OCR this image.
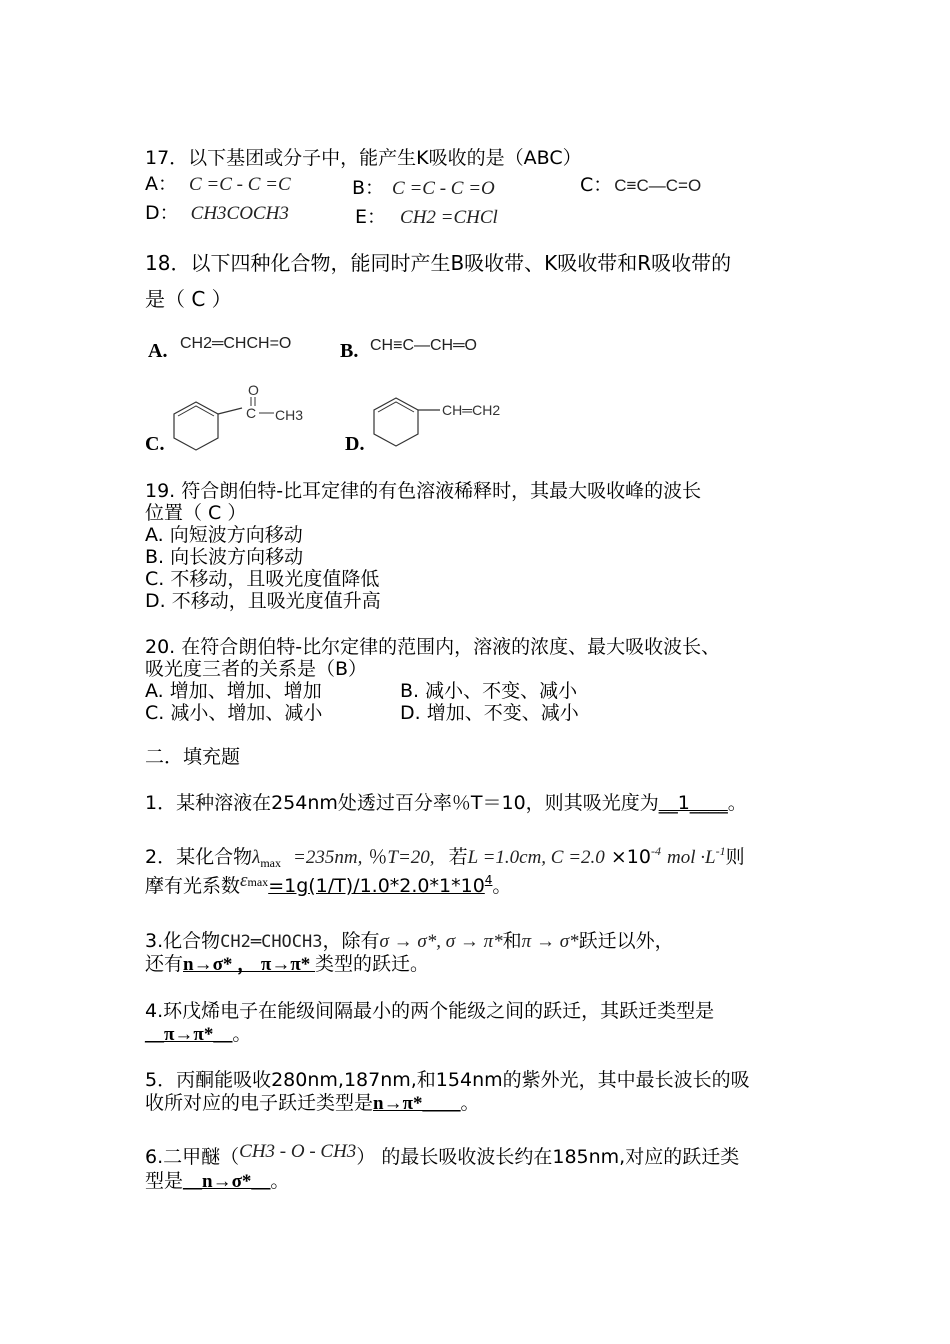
17．以下基团或分子中，能产生K吸收的是（ABC）
A： C =C - C =C	B： C =C - C =O	C： C≡C—C=O
D： CH3COCH3	E： CH2 =CHCl
18．以下四种化合物，能同时产生B吸收带、K吸收带和R吸收带的
是（ C ）
A. CH2═CHCH=O B. CH≡C—CH═O
C.
O
C CH3
D.
CH═CH2
19. 符合朗伯特-比耳定律的有色溶液稀释时，其最大吸收峰的波长
位置（ C ）
A. 向短波方向移动
B. 向长波方向移动
C. 不移动，且吸光度值降低
D. 不移动，且吸光度值升高
20. 在符合朗伯特-比尔定律的范围内，溶液的浓度、最大吸收波长、
吸光度三者的关系是（B）
A. 增加、增加、增加	B. 减小、不变、减小
C. 减小、增加、减小	D. 增加、不变、减小
二．填充题
1．某种溶液在254nm处透过百分率％T＝10，则其吸光度为__1____。
2．某化合物$\lambda_{max} =235nm$, ％T=20, 若L =1.0cm, $C =2.0 \times 10^{-4}$ mol $\cdot L^{-1}$则
摩有光系数$\varepsilon^{max}=1g(1/T)/1.0*2.0*1*10^4$。
3.化合物CH2═CHOCH3，除有σ → σ*, σ → π*和π → σ*跃迁以外，
还有n→σ* ， π→π* 类型的跃迁。
4.环戊烯电子在能级间隔最小的两个能级之间的跃迁，其跃迁类型是
__π→π*__。
5．丙酮能吸收280nm,187nm,和154nm的紫外光，其中最长波长的吸
收所对应的电子跃迁类型是n→π*____。
6.二甲醚（CH3 - O - CH3） 的最长吸收波长约在185nm,对应的跃迁类
型是__n→σ*__。
